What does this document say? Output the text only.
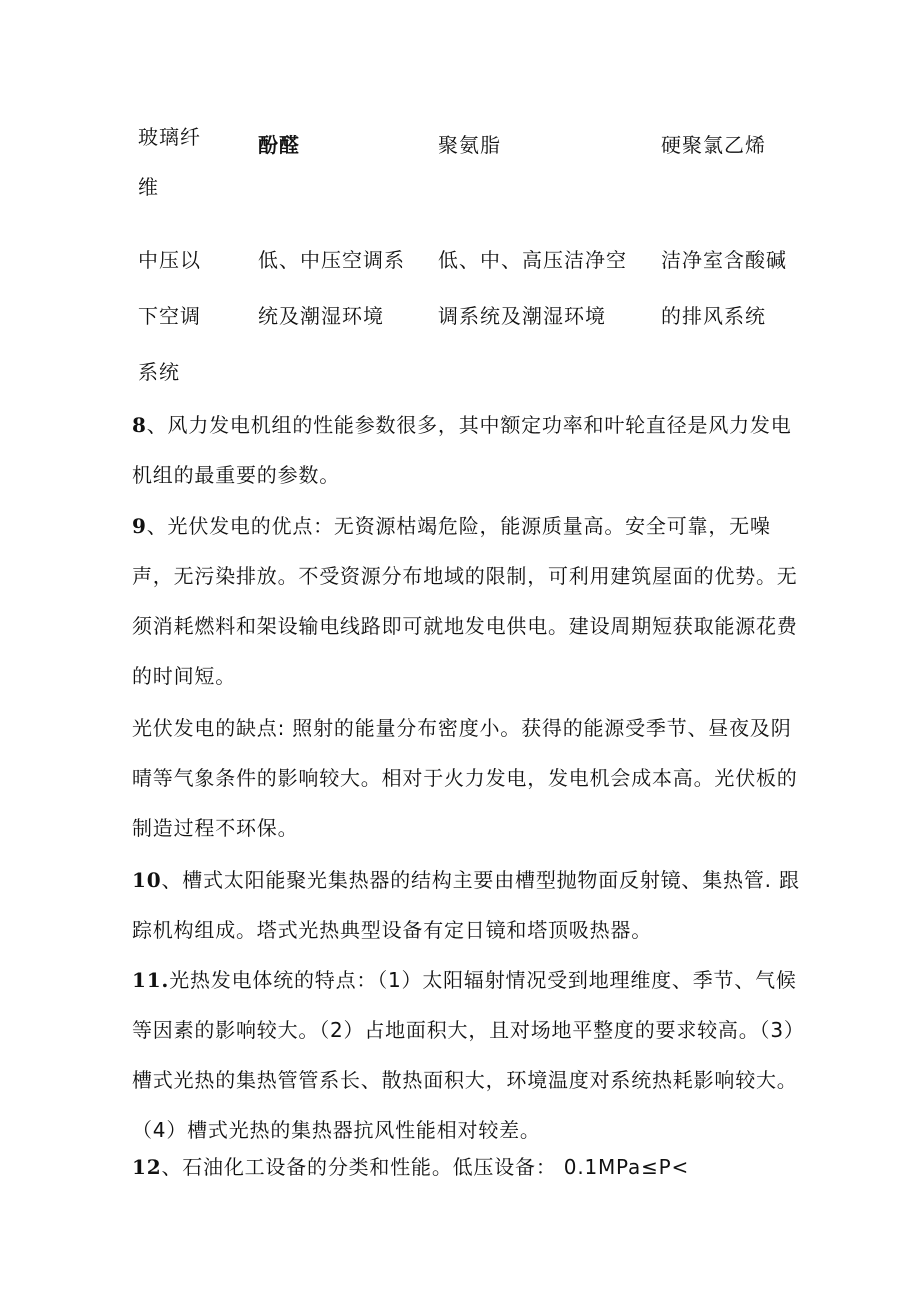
玻璃纤维
酚醛	聚氨脂	硬聚氯乙烯
中压以下空调系统
低、中压空调系统及潮湿环境
低、中、高压洁净空调系统及潮湿环境
洁净室含酸碱的排风系统
8、风力发电机组的性能参数很多，其中额定功率和叶轮直径是风力发电机组的最重要的参数。
9、光伏发电的优点：无资源枯竭危险，能源质量高。安全可靠，无噪声，无污染排放。不受资源分布地域的限制，可利用建筑屋面的优势。无须消耗燃料和架设输电线路即可就地发电供电。建设周期短获取能源花费的时间短。
光伏发电的缺点: 照射的能量分布密度小。获得的能源受季节、昼夜及阴晴等气象条件的影响较大。相对于火力发电，发电机会成本高。光伏板的制造过程不环保。
10、槽式太阳能聚光集热器的结构主要由槽型抛物面反射镜、集热管. 跟踪机构组成。塔式光热典型设备有定日镜和塔顶吸热器。
11.光热发电体统的特点：（1）太阳辐射情况受到地理维度、季节、气候等因素的影响较大。（2）占地面积大，且对场地平整度的要求较高。（3）槽式光热的集热管管系长、散热面积大，环境温度对系统热耗影响较大。（4）槽式光热的集热器抗风性能相对较差。
12、石油化工设备的分类和性能。低压设备： 0.1MPa≤P<
